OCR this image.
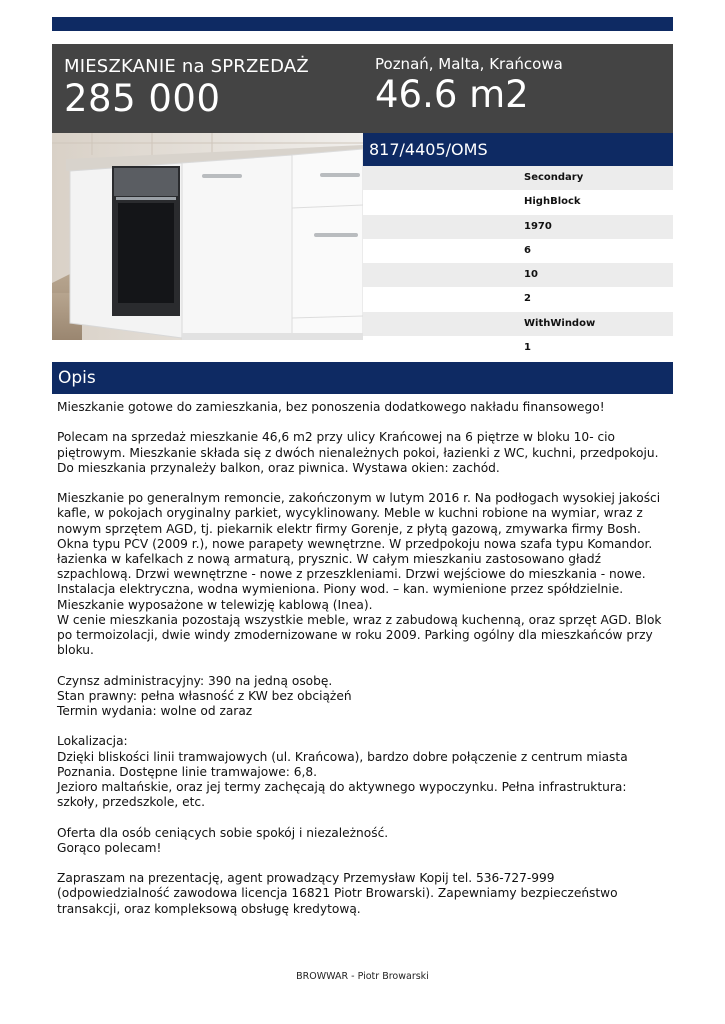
MIESZKANIE na SPRZEDAŻ
285 000
Poznań, Malta, Krańcowa
46.6 m2
817/4405/OMS
Secondary
HighBlock
1970
6
10
2
WithWindow
1
Opis

Mieszkanie gotowe do zamieszkania, bez ponoszenia dodatkowego nakładu finansowego!

Polecam na sprzedaż mieszkanie 46,6 m2 przy ulicy Krańcowej na 6 piętrze w bloku 10- cio piętrowym. Mieszkanie składa się z dwóch nienależnych pokoi, łazienki z WC, kuchni, przedpokoju. Do mieszkania przynależy balkon, oraz piwnica. Wystawa okien: zachód.

Mieszkanie po generalnym remoncie, zakończonym w lutym 2016 r. Na podłogach wysokiej jakości kafle, w pokojach oryginalny parkiet, wycyklinowany. Meble w kuchni robione na wymiar, wraz z nowym sprzętem AGD, tj. piekarnik elektr firmy Gorenje, z płytą gazową, zmywarka firmy Bosh. Okna typu PCV (2009 r.), nowe parapety wewnętrzne. W przedpokoju nowa szafa typu Komandor. łazienka w kafelkach z nową armaturą, prysznic. W całym mieszkaniu zastosowano gładź szpachlową. Drzwi wewnętrzne - nowe z przeszkleniami. Drzwi wejściowe do mieszkania - nowe. Instalacja elektryczna, wodna wymieniona. Piony wod. – kan. wymienione przez spółdzielnie.

Mieszkanie wyposażone w telewizję kablową (Inea).

W cenie mieszkania pozostają wszystkie meble, wraz z zabudową kuchenną, oraz sprzęt AGD. Blok po termoizolacji, dwie windy zmodernizowane w roku 2009. Parking ogólny dla mieszkańców przy bloku.

Czynsz administracyjny: 390 na jedną osobę.

Stan prawny: pełna własność z KW bez obciążeń

Termin wydania: wolne od zaraz

Lokalizacja:

Dzięki bliskości linii tramwajowych (ul. Krańcowa), bardzo dobre połączenie z centrum miasta Poznania. Dostępne linie tramwajowe: 6,8.

Jezioro maltańskie, oraz jej termy zachęcają do aktywnego wypoczynku. Pełna infrastruktura: szkoły, przedszkole, etc.

Oferta dla osób ceniących sobie spokój i niezależność.

Gorąco polecam!

Zapraszam na prezentację, agent prowadzący Przemysław Kopij tel. 536-727-999 (odpowiedzialność zawodowa licencja 16821 Piotr Browarski). Zapewniamy bezpieczeństwo transakcji, oraz kompleksową obsługę kredytową.

BROWWAR - Piotr Browarski
